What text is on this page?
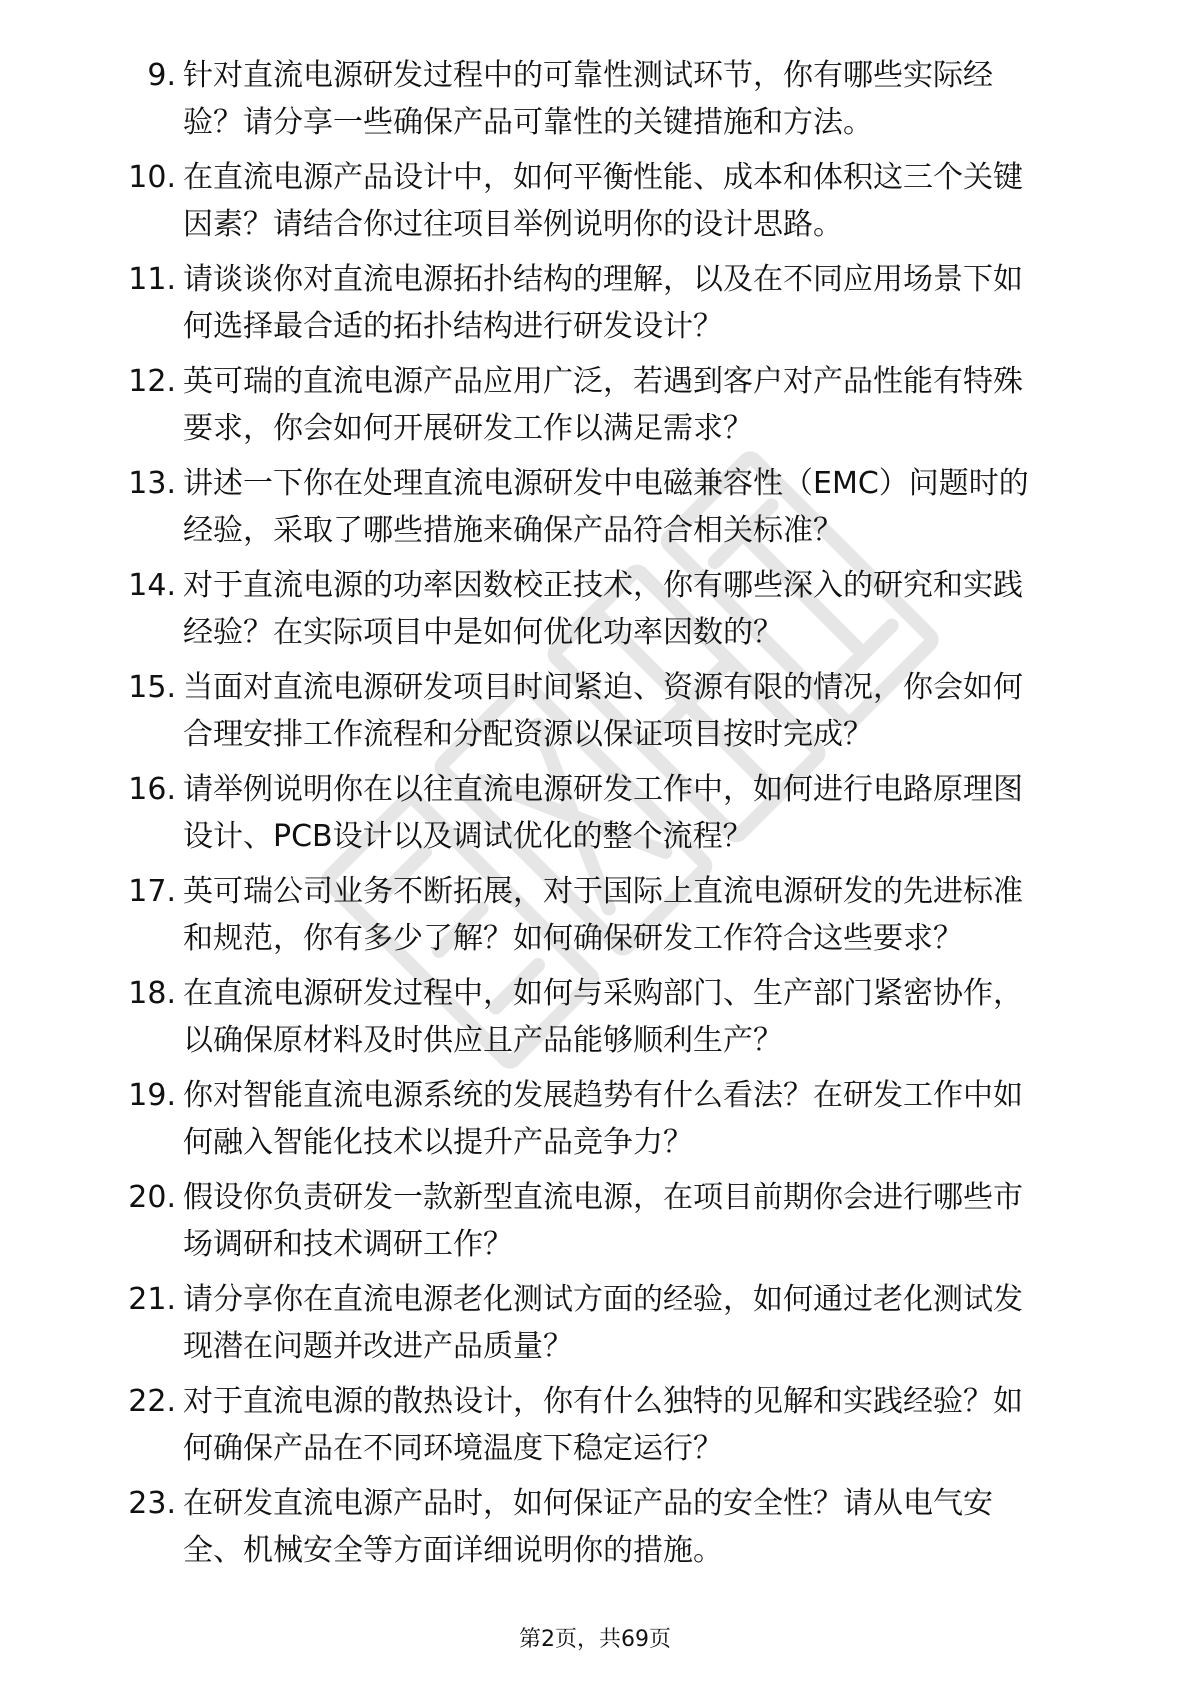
9. 针对直流电源研发过程中的可靠性测试环节，你有哪些实际经
验？请分享一些确保产品可靠性的关键措施和方法。
10. 在直流电源产品设计中，如何平衡性能、成本和体积这三个关键
因素？请结合你过往项目举例说明你的设计思路。
11. 请谈谈你对直流电源拓扑结构的理解，以及在不同应用场景下如
何选择最合适的拓扑结构进行研发设计？
12. 英可瑞的直流电源产品应用广泛，若遇到客户对产品性能有特殊
要求，你会如何开展研发工作以满足需求？
13. 讲述一下你在处理直流电源研发中电磁兼容性（EMC）问题时的
经验，采取了哪些措施来确保产品符合相关标准？
14. 对于直流电源的功率因数校正技术，你有哪些深入的研究和实践
经验？在实际项目中是如何优化功率因数的？
15. 当面对直流电源研发项目时间紧迫、资源有限的情况，你会如何
合理安排工作流程和分配资源以保证项目按时完成？
16. 请举例说明你在以往直流电源研发工作中，如何进行电路原理图
设计、PCB设计以及调试优化的整个流程？
17. 英可瑞公司业务不断拓展，对于国际上直流电源研发的先进标准
和规范，你有多少了解？如何确保研发工作符合这些要求？
18. 在直流电源研发过程中，如何与采购部门、生产部门紧密协作，
以确保原材料及时供应且产品能够顺利生产？
19. 你对智能直流电源系统的发展趋势有什么看法？在研发工作中如
何融入智能化技术以提升产品竞争力？
20. 假设你负责研发一款新型直流电源，在项目前期你会进行哪些市
场调研和技术调研工作？
21. 请分享你在直流电源老化测试方面的经验，如何通过老化测试发
现潜在问题并改进产品质量？
22. 对于直流电源的散热设计，你有什么独特的见解和实践经验？如
何确保产品在不同环境温度下稳定运行？
23. 在研发直流电源产品时，如何保证产品的安全性？请从电气安
全、机械安全等方面详细说明你的措施。
第2页，共69页
